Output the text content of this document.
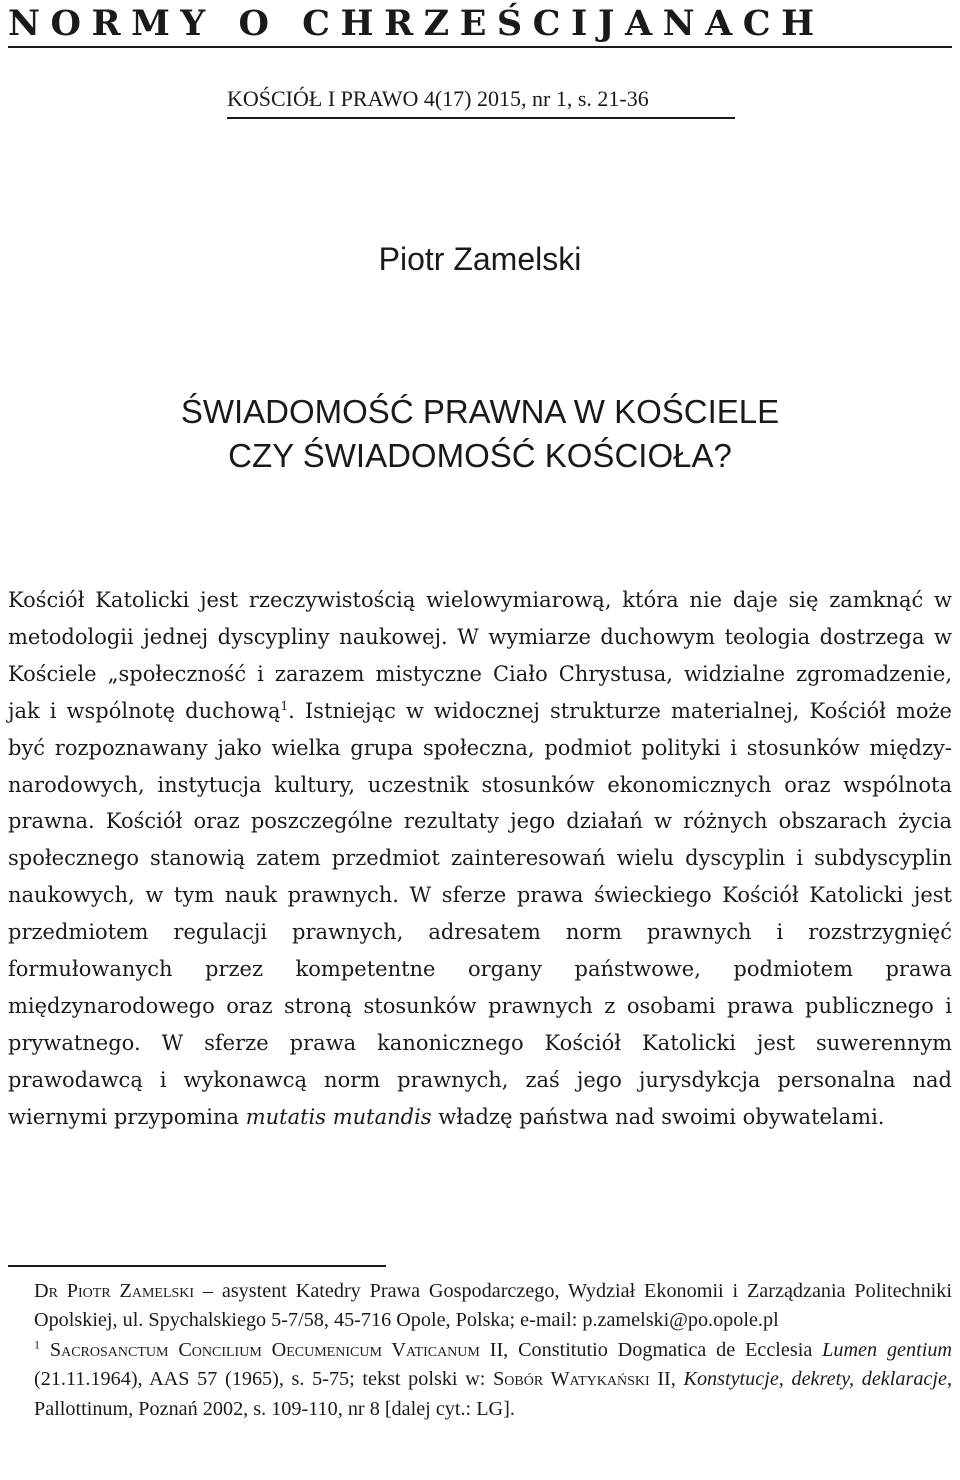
NORMY O CHRZEŚCIJANACH
KOŚCIÓŁ I PRAWO 4(17) 2015, nr 1, s. 21-36
Piotr Zamelski
ŚWIADOMOŚĆ PRAWNA W KOŚCIELE
CZY ŚWIADOMOŚĆ KOŚCIOŁA?

Kościół Katolicki jest rzeczywistością wielowymiarową, która nie daje się zamknąć w metodologii jednej dyscypliny naukowej. W wymiarze duchowym teologia dostrzega w Kościele „społeczność i zarazem mistyczne Ciało Chrystusa, widzialne zgromadzenie, jak i wspólnotę duchową$^1$. Istniejąc w widocznej strukturze materialnej, Kościół może być rozpoznawany jako wielka grupa społeczna, podmiot polityki i stosunków międzynarodowych, instytucja kultury, uczestnik stosunków ekonomicznych oraz wspólnota prawna. Kościół oraz poszczególne rezultaty jego działań w różnych obszarach życia społecznego stanowią zatem przedmiot zainteresowań wielu dyscyplin i subdyscyplin naukowych, w tym nauk prawnych. W sferze prawa świeckiego Kościół Katolicki jest przedmiotem regulacji prawnych, adresatem norm prawnych i rozstrzygnięć formułowanych przez kompetentne organy państwowe, podmiotem prawa międzynarodowego oraz stroną stosunków prawnych z osobami prawa publicznego i prywatnego. W sferze prawa kanonicznego Kościół Katolicki jest suwerennym prawodawcą i wykonawcą norm prawnych, zaś jego jurysdykcja personalna nad wiernymi przypomina mutatis mutandis władzę państwa nad swoimi obywatelami.

Dr Piotr Zamelski – asystent Katedry Prawa Gospodarczego, Wydział Ekonomii i Zarządzania Politechniki Opolskiej, ul. Spychalskiego 5-7/58, 45-716 Opole, Polska; e-mail: p.zamelski@po.opole.pl

$^1$ Sacrosanctum Concilium Oecumenicum Vaticanum II, Constitutio Dogmatica de Ecclesia Lumen gentium (21.11.1964), AAS 57 (1965), s. 5-75; tekst polski w: Sobór Watykański II, Konstytucje, dekrety, deklaracje, Pallottinum, Poznań 2002, s. 109-110, nr 8 [dalej cyt.: LG].
